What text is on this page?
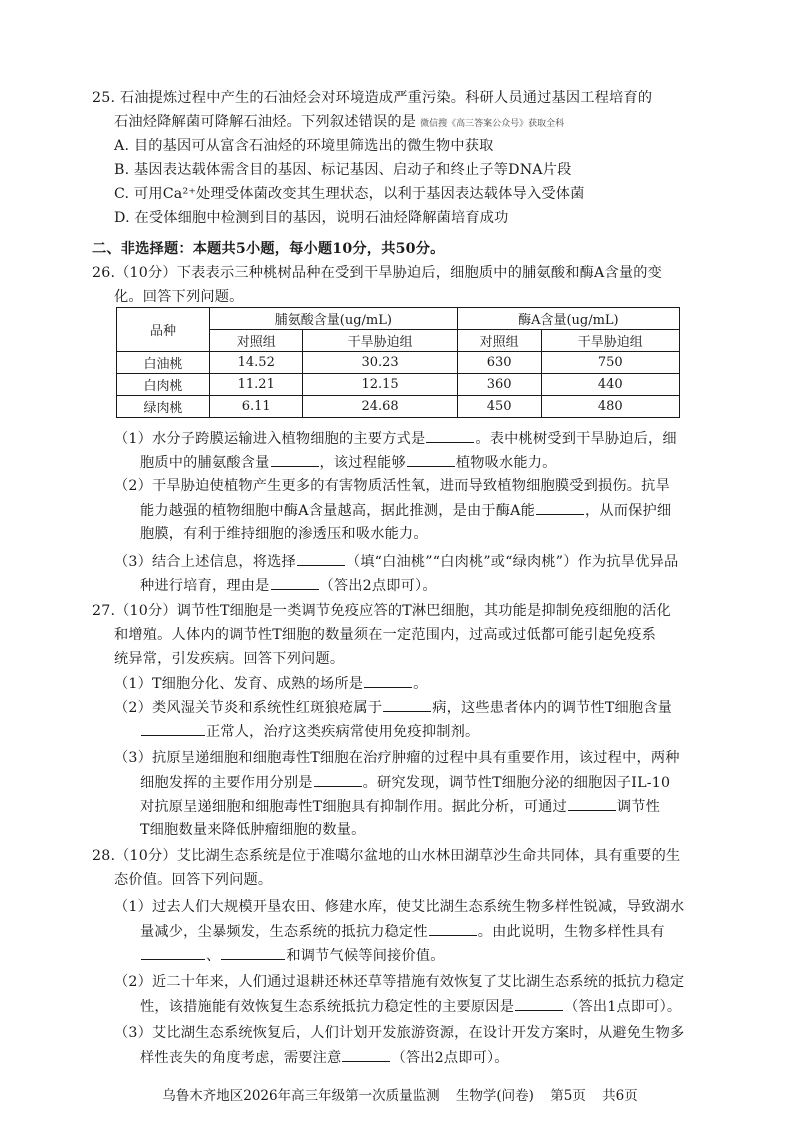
25. 石油提炼过程中产生的石油烃会对环境造成严重污染。科研人员通过基因工程培育的
石油烃降解菌可降解石油烃。下列叙述错误的是 微信搜《高三答案公众号》获取全科
A. 目的基因可从富含石油烃的环境里筛选出的微生物中获取
B. 基因表达载体需含目的基因、标记基因、启动子和终止子等DNA片段
C. 可用Ca²⁺处理受体菌改变其生理状态，以利于基因表达载体导入受体菌
D. 在受体细胞中检测到目的基因，说明石油烃降解菌培育成功
二、非选择题：本题共5小题，每小题10分，共50分。
26.（10分）下表表示三种桃树品种在受到干旱胁迫后，细胞质中的脯氨酸和酶A含量的变
化。回答下列问题。
品种	脯氨酸含量(ug/mL)		酶A含量(ug/mL)	
	对照组	干旱胁迫组	对照组	干旱胁迫组
白油桃	14.52	30.23	630	750
白肉桃	11.21	12.15	360	440
绿肉桃	6.11	24.68	450	480
（1）水分子跨膜运输进入植物细胞的主要方式是	。表中桃树受到干旱胁迫后，细
胞质中的脯氨酸含量	，该过程能够	植物吸水能力。
（2）干旱胁迫使植物产生更多的有害物质活性氧，进而导致植物细胞膜受到损伤。抗旱
能力越强的植物细胞中酶A含量越高，据此推测，是由于酶A能	，从而保护细
胞膜，有利于维持细胞的渗透压和吸水能力。
（3）结合上述信息，将选择	（填“白油桃”“白肉桃”或“绿肉桃”）作为抗旱优异品
种进行培育，理由是	（答出2点即可）。
27.（10分）调节性T细胞是一类调节免疫应答的T淋巴细胞，其功能是抑制免疫细胞的活化
和增殖。人体内的调节性T细胞的数量须在一定范围内，过高或过低都可能引起免疫系
统异常，引发疾病。回答下列问题。
（1）T细胞分化、发育、成熟的场所是	。
（2）类风湿关节炎和系统性红斑狼疮属于	病，这些患者体内的调节性T细胞含量
正常人，治疗这类疾病常使用免疫抑制剂。
（3）抗原呈递细胞和细胞毒性T细胞在治疗肿瘤的过程中具有重要作用，该过程中，两种
细胞发挥的主要作用分别是	。研究发现，调节性T细胞分泌的细胞因子IL-10
对抗原呈递细胞和细胞毒性T细胞具有抑制作用。据此分析，可通过	调节性
T细胞数量来降低肿瘤细胞的数量。
28.（10分）艾比湖生态系统是位于准噶尔盆地的山水林田湖草沙生命共同体，具有重要的生
态价值。回答下列问题。
（1）过去人们大规模开垦农田、修建水库，使艾比湖生态系统生物多样性锐减，导致湖水
量减少，尘暴频发，生态系统的抵抗力稳定性	。由此说明，生物多样性具有
、	和调节气候等间接价值。
（2）近二十年来，人们通过退耕还林还草等措施有效恢复了艾比湖生态系统的抵抗力稳定
性，该措施能有效恢复生态系统抵抗力稳定性的主要原因是	（答出1点即可）。
（3）艾比湖生态系统恢复后，人们计划开发旅游资源，在设计开发方案时，从避免生物多
样性丧失的角度考虑，需要注意	（答出2点即可）。
乌鲁木齐地区2026年高三年级第一次质量监测 生物学(问卷) 第5页 共6页
